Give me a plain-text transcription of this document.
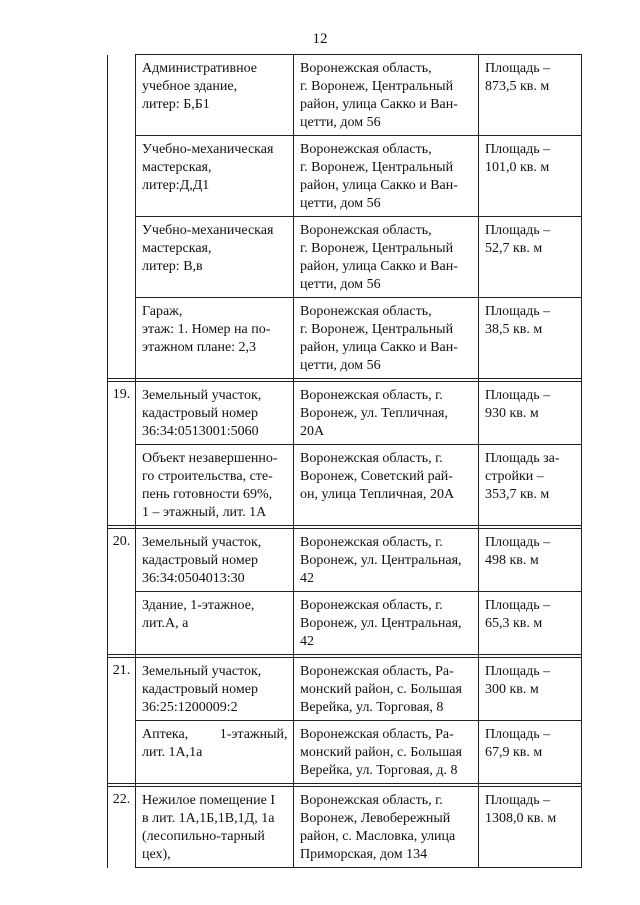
12

	Административное
учебное здание,
литер: Б,Б1	Воронежская область,
г. Воронеж, Центральный
район, улица Сакко и Ван-
цетти, дом 56	Площадь –
873,5 кв. м

	Учебно-механическая
мастерская,
литер:Д,Д1	Воронежская область,
г. Воронеж, Центральный
район, улица Сакко и Ван-
цетти, дом 56	Площадь –
101,0 кв. м

	Учебно-механическая
мастерская,
литер: В,в	Воронежская область,
г. Воронеж, Центральный
район, улица Сакко и Ван-
цетти, дом 56	Площадь –
52,7 кв. м

	Гараж,
этаж: 1. Номер на по-
этажном плане: 2,3	Воронежская область,
г. Воронеж, Центральный
район, улица Сакко и Ван-
цетти, дом 56	Площадь –
38,5 кв. м

19.	Земельный участок,
кадастровый номер
36:34:0513001:5060	Воронежская область, г.
Воронеж, ул. Тепличная,
20А	Площадь –
930 кв. м

	Объект незавершенно-
го строительства, сте-
пень готовности 69%,
1 – этажный, лит. 1А	Воронежская область, г.
Воронеж, Советский рай-
он, улица Тепличная, 20А	Площадь за-
стройки –
353,7 кв. м

20.	Земельный участок,
кадастровый номер
36:34:0504013:30	Воронежская область, г.
Воронеж, ул. Центральная,
42	Площадь –
498 кв. м

	Здание, 1-этажное,
лит.А, а	Воронежская область, г.
Воронеж, ул. Центральная,
42	Площадь –
65,3 кв. м

21.	Земельный участок,
кадастровый номер
36:25:1200009:2	Воронежская область, Ра-
монский район, с. Большая
Верейка, ул. Торговая, 8	Площадь –
300 кв. м

	Аптека,         1-этажный,
лит. 1А,1а	Воронежская область, Ра-
монский район, с. Большая
Верейка, ул. Торговая, д. 8	Площадь –
67,9 кв. м

22.	Нежилое помещение I
в лит. 1А,1Б,1В,1Д, 1а
(лесопильно-тарный
цех),	Воронежская область, г.
Воронеж, Левобережный
район, с. Масловка, улица
Приморская, дом 134	Площадь –
1308,0 кв. м
